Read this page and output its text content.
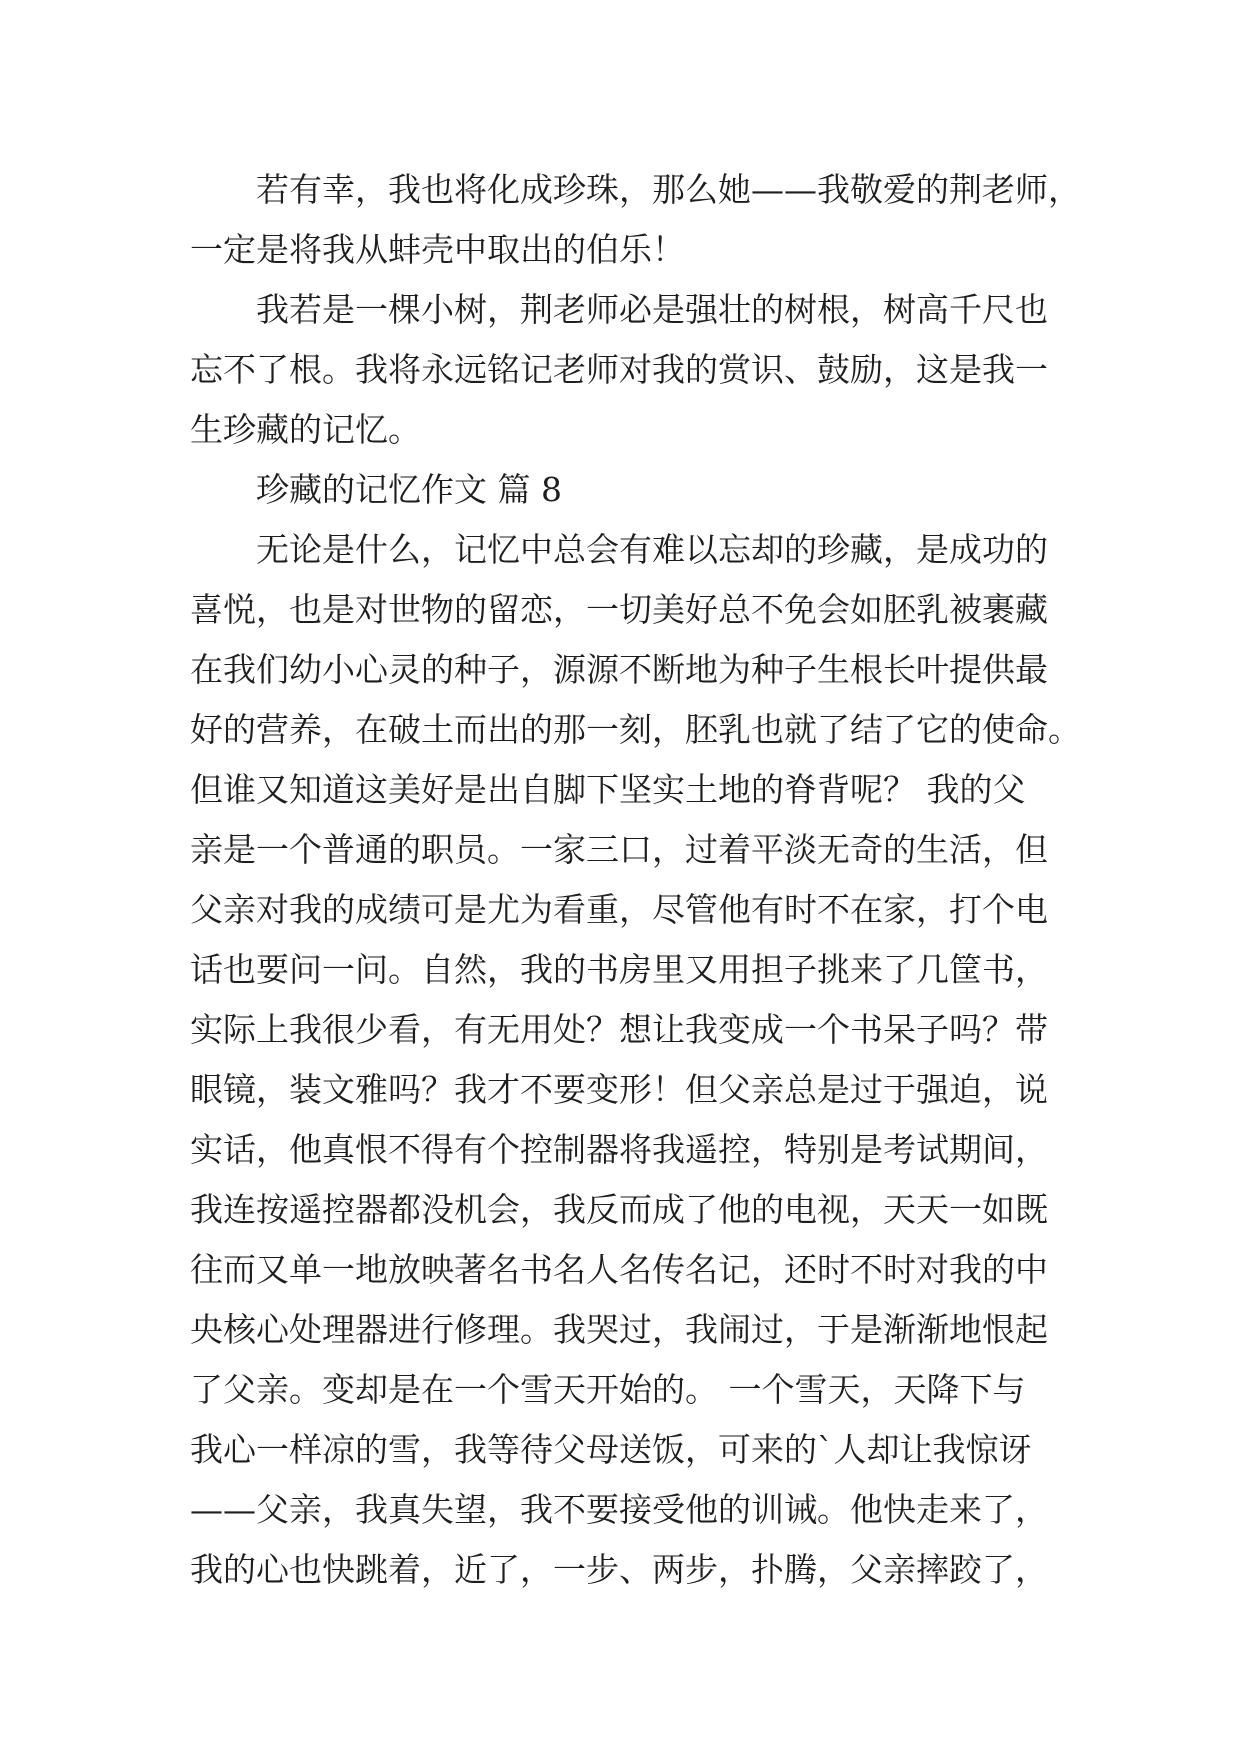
若有幸，我也将化成珍珠，那么她——我敬爱的荆老师，

一定是将我从蚌壳中取出的伯乐！

我若是一棵小树，荆老师必是强壮的树根，树高千尺也

忘不了根。我将永远铭记老师对我的赏识、鼓励，这是我一

生珍藏的记忆。

珍藏的记忆作文 篇 8

无论是什么，记忆中总会有难以忘却的珍藏，是成功的

喜悦，也是对世物的留恋，一切美好总不免会如胚乳被裹藏

在我们幼小心灵的种子，源源不断地为种子生根长叶提供最

好的营养，在破土而出的那一刻，胚乳也就了结了它的使命。

但谁又知道这美好是出自脚下坚实土地的脊背呢？ 我的父

亲是一个普通的职员。一家三口，过着平淡无奇的生活，但

父亲对我的成绩可是尤为看重，尽管他有时不在家，打个电

话也要问一问。自然，我的书房里又用担子挑来了几筐书，

实际上我很少看，有无用处？想让我变成一个书呆子吗？带

眼镜，装文雅吗？我才不要变形！但父亲总是过于强迫，说

实话，他真恨不得有个控制器将我遥控，特别是考试期间，

我连按遥控器都没机会，我反而成了他的电视，天天一如既

往而又单一地放映著名书名人名传名记，还时不时对我的中

央核心处理器进行修理。我哭过，我闹过，于是渐渐地恨起

了父亲。变却是在一个雪天开始的。 一个雪天，天降下与

我心一样凉的雪，我等待父母送饭，可来的`人却让我惊讶

——父亲，我真失望，我不要接受他的训诫。他快走来了，

我的心也快跳着，近了，一步、两步，扑腾，父亲摔跤了，
